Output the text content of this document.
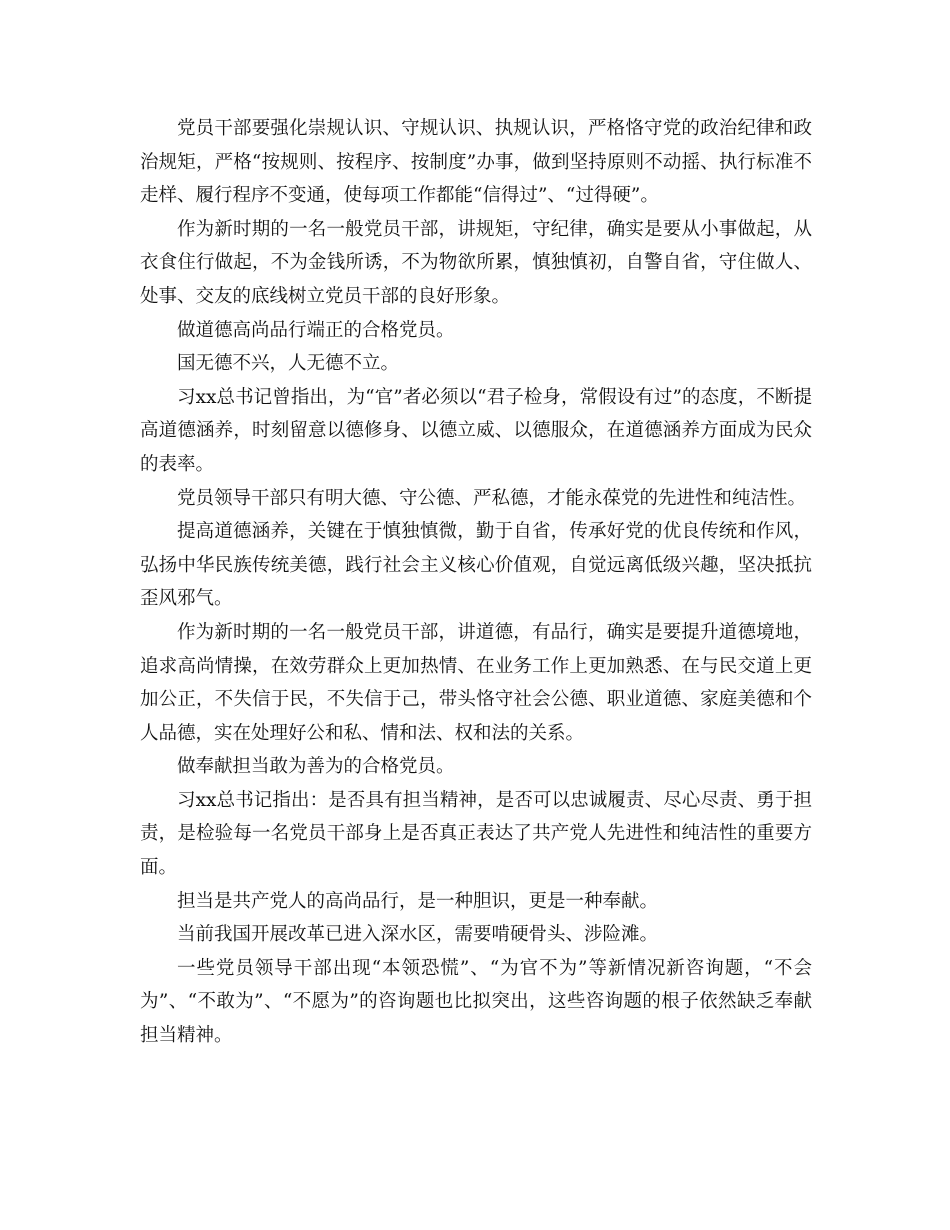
党员干部要强化崇规认识、守规认识、执规认识，严格恪守党的政治纪律和政治规矩，严格“按规则、按程序、按制度”办事，做到坚持原则不动摇、执行标准不走样、履行程序不变通，使每项工作都能“信得过”、“过得硬”。

作为新时期的一名一般党员干部，讲规矩，守纪律，确实是要从小事做起，从衣食住行做起，不为金钱所诱，不为物欲所累，慎独慎初，自警自省，守住做人、处事、交友的底线树立党员干部的良好形象。

做道德高尚品行端正的合格党员。

国无德不兴，人无德不立。

习xx总书记曾指出，为“官”者必须以“君子检身，常假设有过”的态度，不断提高道德涵养，时刻留意以德修身、以德立威、以德服众，在道德涵养方面成为民众的表率。

党员领导干部只有明大德、守公德、严私德，才能永葆党的先进性和纯洁性。

提高道德涵养，关键在于慎独慎微，勤于自省，传承好党的优良传统和作风，弘扬中华民族传统美德，践行社会主义核心价值观，自觉远离低级兴趣，坚决抵抗歪风邪气。

作为新时期的一名一般党员干部，讲道德，有品行，确实是要提升道德境地，追求高尚情操，在效劳群众上更加热情、在业务工作上更加熟悉、在与民交道上更加公正，不失信于民，不失信于己，带头恪守社会公德、职业道德、家庭美德和个人品德，实在处理好公和私、情和法、权和法的关系。

做奉献担当敢为善为的合格党员。

习xx总书记指出：是否具有担当精神，是否可以忠诚履责、尽心尽责、勇于担责，是检验每一名党员干部身上是否真正表达了共产党人先进性和纯洁性的重要方面。

担当是共产党人的高尚品行，是一种胆识，更是一种奉献。

当前我国开展改革已进入深水区，需要啃硬骨头、涉险滩。

一些党员领导干部出现“本领恐慌”、“为官不为”等新情况新咨询题，“不会为”、“不敢为”、“不愿为”的咨询题也比拟突出，这些咨询题的根子依然缺乏奉献担当精神。
